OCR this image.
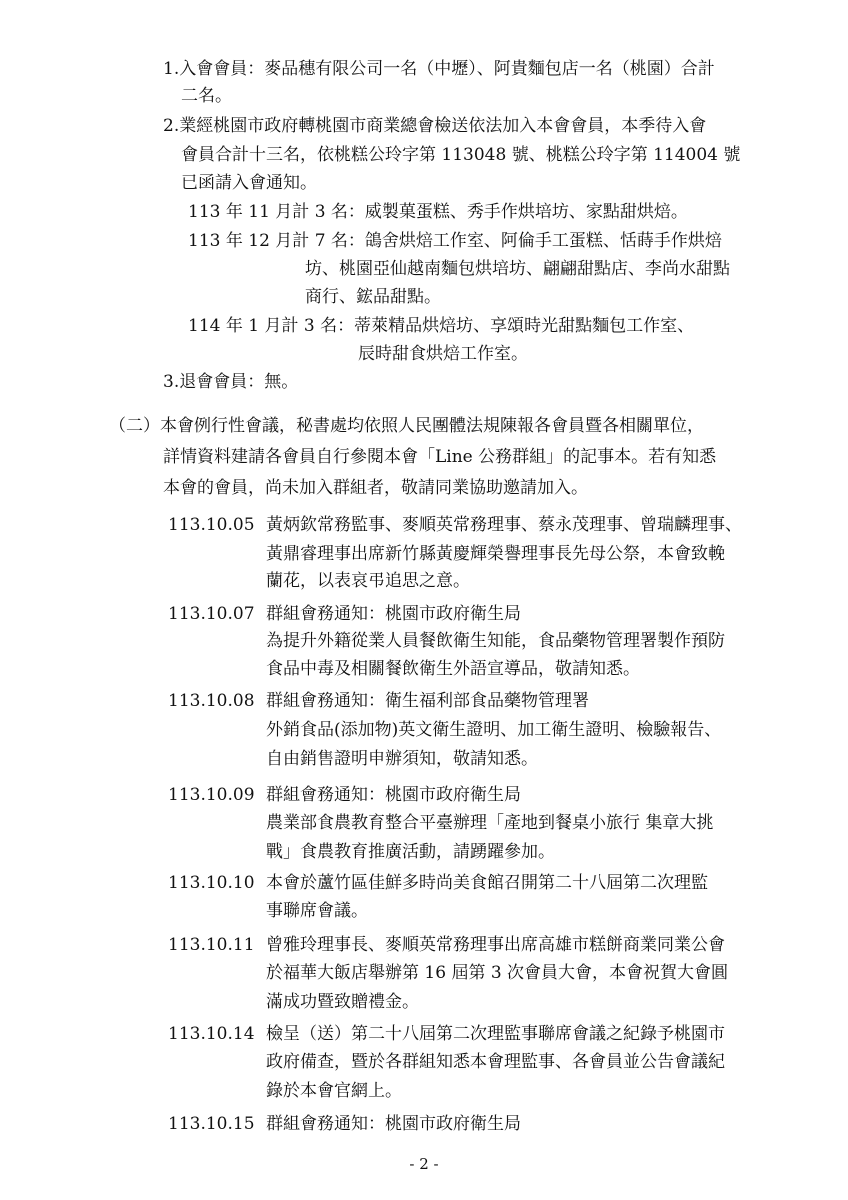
1.入會會員：麥品穗有限公司一名（中壢）、阿貴麵包店一名（桃園）合計
二名。
2.業經桃園市政府轉桃園市商業總會檢送依法加入本會會員，本季待入會
會員合計十三名，依桃糕公玲字第 113048 號、桃糕公玲字第 114004 號
已函請入會通知。
113 年 11 月計 3 名：威製菓蛋糕、秀手作烘培坊、家點甜烘焙。
113 年 12 月計 7 名：鴿舍烘焙工作室、阿倫手工蛋糕、恬蒔手作烘焙
坊、桃園亞仙越南麵包烘培坊、翩翩甜點店、李尚水甜點
商行、鋐品甜點。
114 年 1 月計 3 名：蒂萊精品烘焙坊、享頌時光甜點麵包工作室、
辰時甜食烘焙工作室。
3.退會會員：無。
（二）本會例行性會議，秘書處均依照人民團體法規陳報各會員暨各相關單位，
詳情資料建請各會員自行參閱本會「Line 公務群組」的記事本。若有知悉
本會的會員，尚未加入群組者，敬請同業協助邀請加入。
113.10.05 黃炳欽常務監事、麥順英常務理事、蔡永茂理事、曾瑞麟理事、
黃鼎睿理事出席新竹縣黃慶輝榮譽理事長先母公祭，本會致輓
蘭花，以表哀弔追思之意。
113.10.07 群組會務通知：桃園市政府衛生局
為提升外籍從業人員餐飲衛生知能，食品藥物管理署製作預防
食品中毒及相關餐飲衛生外語宣導品，敬請知悉。
113.10.08 群組會務通知：衛生福利部食品藥物管理署
外銷食品(添加物)英文衛生證明、加工衛生證明、檢驗報告、
自由銷售證明申辦須知，敬請知悉。
113.10.09 群組會務通知：桃園市政府衛生局
農業部食農教育整合平臺辦理「產地到餐桌小旅行 集章大挑
戰」食農教育推廣活動，請踴躍參加。
113.10.10 本會於蘆竹區佳鮮多時尚美食館召開第二十八屆第二次理監
事聯席會議。
113.10.11 曾雅玲理事長、麥順英常務理事出席高雄市糕餅商業同業公會
於福華大飯店舉辦第 16 屆第 3 次會員大會，本會祝賀大會圓
滿成功暨致贈禮金。
113.10.14 檢呈（送）第二十八屆第二次理監事聯席會議之紀錄予桃園市
政府備查，暨於各群組知悉本會理監事、各會員並公告會議紀
錄於本會官網上。
113.10.15 群組會務通知：桃園市政府衛生局
- 2 -
